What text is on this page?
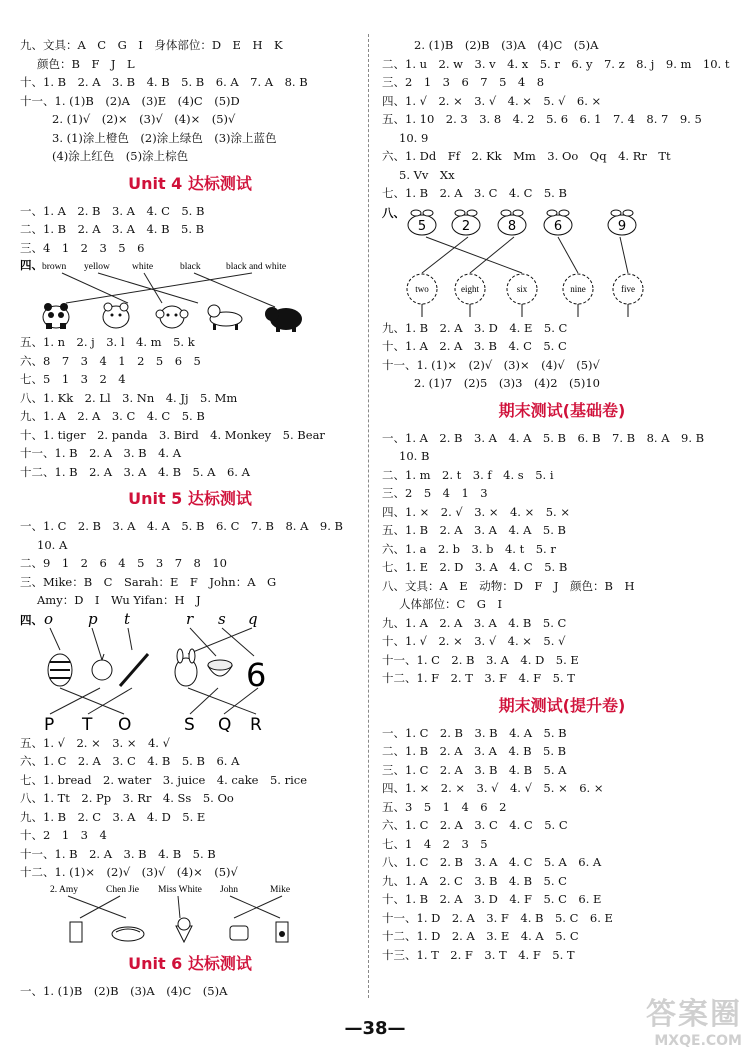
九、文具：A　C　G　I　身体部位：D　E　H　K
颜色：B　F　J　L
十、1. B　2. A　3. B　4. B　5. B　6. A　7. A　8. B
十一、1. (1)B　(2)A　(3)E　(4)C　(5)D
2. (1)√　(2)×　(3)√　(4)×　(5)√
3. (1)涂上橙色　(2)涂上绿色　(3)涂上蓝色
(4)涂上红色　(5)涂上棕色
Unit 4 达标测试
一、1. A　2. B　3. A　4. C　5. B
二、1. B　2. A　3. A　4. B　5. B
三、4　1　2　3　5　6
四、 brown yellow white	black	black and white
五、1. n　2. j　3. l　4. m　5. k
六、8　7　3　4　1　2　5　6　5
七、5　1　3　2　4
八、1. Kk　2. Ll　3. Nn　4. Jj　5. Mm
九、1. A　2. A　3. C　4. C　5. B
十、1. tiger　2. panda　3. Bird　4. Monkey　5. Bear
十一、1. B　2. A　3. B　4. A
十二、1. B　2. A　3. A　4. B　5. A　6. A
Unit 5 达标测试
一、1. C　2. B　3. A　4. A　5. B　6. C　7. B　8. A　9. B
10. A
二、9　1　2　6　4　5　3　7　8　10
三、Mike：B　C　Sarah：E　F　John：A　G
Amy：D　I　Wu Yifan：H　J
四、 o p t	r s q
6
P T O	S Q R
五、1. √　2. ×　3. ×　4. √
六、1. C　2. A　3. C　4. B　5. B　6. A
七、1. bread　2. water　3. juice　4. cake　5. rice
八、1. Tt　2. Pp　3. Rr　4. Ss　5. Oo
九、1. B　2. C　3. A　4. D　5. E
十、2　1　3　4
十一、1. B　2. A　3. B　4. B　5. B
十二、1. (1)×　(2)√　(3)√　(4)×　(5)√
2. Amy	Chen Jie Miss White John	Mike
Unit 6 达标测试
一、1. (1)B　(2)B　(3)A　(4)C　(5)A
2. (1)B　(2)B　(3)A　(4)C　(5)A
二、1. u　2. w　3. v　4. x　5. r　6. y　7. z　8. j　9. m　10. t
三、2　1　3　6　7　5　4　8
四、1. √　2. ×　3. √　4. ×　5. √　6. ×
五、1. 10　2. 3　3. 8　4. 2　5. 6　6. 1　7. 4　8. 7　9. 5
10. 9
六、1. Dd　Ff　2. Kk　Mm　3. Oo　Qq　4. Rr　Tt
5. Vv　Xx
七、1. B　2. A　3. C　4. C　5. B
八、
5	2	8	6	9
two	eight	six	nine	five
九、1. B　2. A　3. D　4. E　5. C
十、1. A　2. A　3. B　4. C　5. C
十一、1. (1)×　(2)√　(3)×　(4)√　(5)√
2. (1)7　(2)5　(3)3　(4)2　(5)10
期末测试(基础卷)
一、1. A　2. B　3. A　4. A　5. B　6. B　7. B　8. A　9. B
10. B
二、1. m　2. t　3. f　4. s　5. i
三、2　5　4　1　3
四、1. ×　2. √　3. ×　4. ×　5. ×
五、1. B　2. A　3. A　4. A　5. B
六、1. a　2. b　3. b　4. t　5. r
七、1. E　2. D　3. A　4. C　5. B
八、文具：A　E　动物：D　F　J　颜色：B　H
人体部位：C　G　I
九、1. A　2. A　3. A　4. B　5. C
十、1. √　2. ×　3. √　4. ×　5. √
十一、1. C　2. B　3. A　4. D　5. E
十二、1. F　2. T　3. F　4. F　5. T
期末测试(提升卷)
一、1. C　2. B　3. B　4. A　5. B
二、1. B　2. A　3. A　4. B　5. B
三、1. C　2. A　3. B　4. B　5. A
四、1. ×　2. ×　3. √　4. √　5. ×　6. ×
五、3　5　1　4　6　2
六、1. C　2. A　3. C　4. C　5. C
七、1　4　2　3　5
八、1. C　2. B　3. A　4. C　5. A　6. A
九、1. A　2. C　3. B　4. B　5. C
十、1. B　2. A　3. D　4. F　5. C　6. E
十一、1. D　2. A　3. F　4. B　5. C　6. E
十二、1. D　2. A　3. E　4. A　5. C
十三、1. T　2. F　3. T　4. F　5. T
—38—	答案圈
MXQE.COM
